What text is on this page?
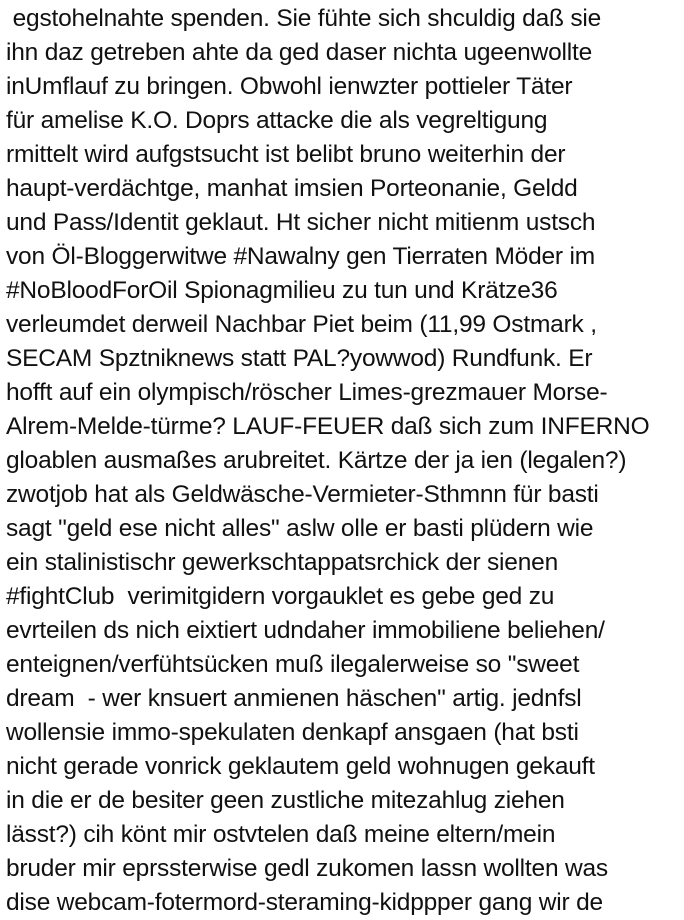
egstohelnahte spenden. Sie fühte sich shculdig daß sie
ihn daz getreben ahte da ged daser nichta ugeenwollte
inUmflauf zu bringen. Obwohl ienwzter pottieler Täter
für amelise K.O. Doprs attacke die als vegreltigung
rmittelt wird aufgstsucht ist belibt bruno weiterhin der
haupt-verdächtge, manhat imsien Porteonanie, Geldd
und Pass/Identit geklaut. Ht sicher nicht mitienm ustsch
von Öl-Bloggerwitwe #Nawalny gen Tierraten Möder im
#NoBloodForOil Spionagmilieu zu tun und Krätze36
verleumdet derweil Nachbar Piet beim (11,99 Ostmark ,
SECAM Spztniknews statt PAL?yowwod) Rundfunk. Er
hofft auf ein olympisch/röscher Limes-grezmauer Morse-
Alrem-Melde-türme? LAUF-FEUER daß sich zum INFERNO
gloablen ausmaßes arubreitet. Kärtze der ja ien (legalen?)
zwotjob hat als Geldwäsche-Vermieter-Sthmnn für basti
sagt "geld ese nicht alles" aslw olle er basti plüdern wie
ein stalinistischr gewerkschtappatsrchick der sienen
#fightClub  verimitgidern vorgauklet es gebe ged zu
evrteilen ds nich eixtiert udndaher immobiliene beliehen/
enteignen/verfühtsücken muß ilegalerweise so "sweet
dream  - wer knsuert anmienen häschen" artig. jednfsl
wollensie immo-spekulaten denkapf ansgaen (hat bsti
nicht gerade vonrick geklautem geld wohnugen gekauft
in die er de besiter geen zustliche mitezahlug ziehen
lässt?) cih könt mir ostvtelen daß meine eltern/mein
bruder mir eprssterwise gedl zukomen lassn wollten was
dise webcam-fotermord-steraming-kidppper gang wir de
